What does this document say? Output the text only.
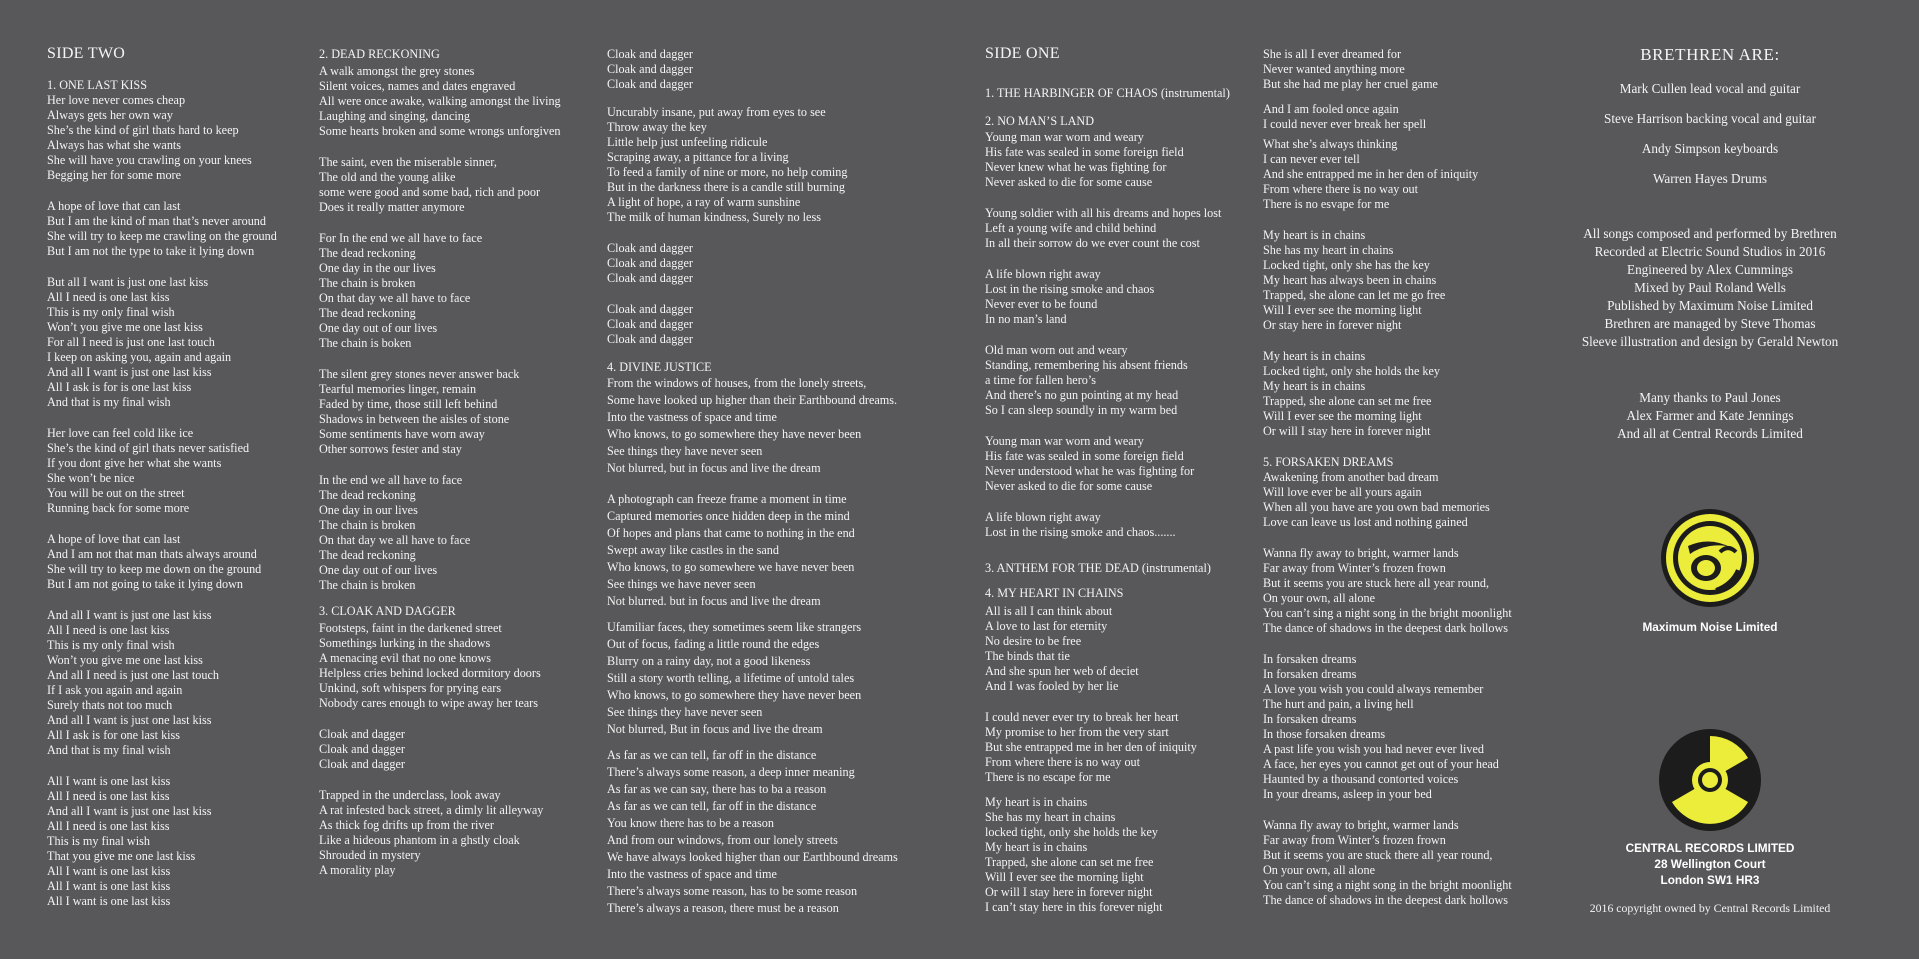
SIDE TWO
1. ONE LAST KISS
Her love never comes cheap
Always gets her own way
She’s the kind of girl thats hard to keep
Always has what she wants
She will have you crawling on your knees
Begging her for some more
A hope of love that can last
But I am the kind of man that’s never around
She will try to keep me crawling on the ground
But I am not the type to take it lying down
But all I want is just one last kiss
All I need is one last kiss
This is my only final wish
Won’t you give me one last kiss
For all I need is just one last touch
I keep on asking you, again and again
And all I want is just one last kiss
All I ask is for is one last kiss
And that is my final wish
Her love can feel cold like ice
She’s the kind of girl thats never satisfied
If you dont give her what she wants
She won’t be nice
You will be out on the street
Running back for some more
A hope of love that can last
And I am not that man thats always around
She will try to keep me down on the ground
But I am not going to take it lying down
And all I want is just one last kiss
All I need is one last kiss
This is my only final wish
Won’t you give me one last kiss
And all I need is just one last touch
If I ask you again and again
Surely thats not too much
And all I want is just one last kiss
All I ask is for one last kiss
And that is my final wish
All I want is one last kiss
All I need is one last kiss
And all I want is just one last kiss
All I need is one last kiss
This is my final wish
That you give me one last kiss
All I want is one last kiss
All I want is one last kiss
All I want is one last kiss
2. DEAD RECKONING
A walk amongst the grey stones
Silent voices, names and dates engraved
All were once awake, walking amongst the living
Laughing and singing, dancing
Some hearts broken and some wrongs unforgiven
The saint, even the miserable sinner,
The old and the young alike
some were good and some bad, rich and poor
Does it really matter anymore
For In the end we all have to face
The dead reckoning
One day in the our lives
The chain is broken
On that day we all have to face
The dead reckoning
One day out of our lives
The chain is boken
The silent grey stones never answer back
Tearful memories linger, remain
Faded by time, those still left behind
Shadows in between the aisles of stone
Some sentiments have worn away
Other sorrows fester and stay
In the end we all have to face
The dead reckoning
One day in our lives
The chain is broken
On that day we all have to face
The dead reckoning
One day out of our lives
The chain is broken
3. CLOAK AND DAGGER
Footsteps, faint in the darkened street
Somethings lurking in the shadows
A menacing evil that no one knows
Helpless cries behind locked dormitory doors
Unkind, soft whispers for prying ears
Nobody cares enough to wipe away her tears
Cloak and dagger
Cloak and dagger
Cloak and dagger
Trapped in the underclass, look away
A rat infested back street, a dimly lit alleyway
As thick fog drifts up from the river
Like a hideous phantom in a ghstly cloak
Shrouded in mystery
A morality play
Cloak and dagger
Cloak and dagger
Cloak and dagger
Uncurably insane, put away from eyes to see
Throw away the key
Little help just unfeeling ridicule
Scraping away, a pittance for a living
To feed a family of nine or more, no help coming
But in the darkness there is a candle still burning
A light of hope, a ray of warm sunshine
The milk of human kindness, Surely no less
Cloak and dagger
Cloak and dagger
Cloak and dagger
Cloak and dagger
Cloak and dagger
Cloak and dagger
4. DIVINE JUSTICE
From the windows of houses, from the lonely streets,
Some have looked up higher than their Earthbound dreams.
Into the vastness of space and time
Who knows, to go somewhere they have never been
See things they have never seen
Not blurred, but in focus and live the dream
A photograph can freeze frame a moment in time
Captured memories once hidden deep in the mind
Of hopes and plans that came to nothing in the end
Swept away like castles in the sand
Who knows, to go somewhere we have never been
See things we have never seen
Not blurred. but in focus and live the dream
Ufamiliar faces, they sometimes seem like strangers
Out of focus, fading a little round the edges
Blurry on a rainy day, not a good likeness
Still a story worth telling, a lifetime of untold tales
Who knows, to go somewhere they have never been
See things they have never seen
Not blurred, But in focus and live the dream
As far as we can tell, far off in the distance
There’s always some reason, a deep inner meaning
As far as we can say, there has to ba a reason
As far as we can tell, far off in the distance
You know there has to be a reason
And from our windows, from our lonely streets
We have always looked higher than our Earthbound dreams
Into the vastness of space and time
There’s always some reason, has to be some reason
There’s always a reason, there must be a reason
SIDE ONE
1. THE HARBINGER OF CHAOS (instrumental)
2. NO MAN’S LAND
Young man war worn and weary
His fate was sealed in some foreign field
Never knew what he was fighting for
Never asked to die for some cause
Young soldier with all his dreams and hopes lost
Left a young wife and child behind
In all their sorrow do we ever count the cost
A life blown right away
Lost in the rising smoke and chaos
Never ever to be found
In no man’s land
Old man worn out and weary
Standing, remembering his absent friends
a time for fallen hero’s
And there’s no gun pointing at my head
So I can sleep soundly in my warm bed
Young man war worn and weary
His fate was sealed in some foreign field
Never understood what he was fighting for
Never asked to die for some cause
A life blown right away
Lost in the rising smoke and chaos.......
3. ANTHEM FOR THE DEAD (instrumental)
4. MY HEART IN CHAINS
All is all I can think about
A love to last for eternity
No desire to be free
The binds that tie
And she spun her web of deciet
And I was fooled by her lie
I could never ever try to break her heart
My promise to her from the very start
But she entrapped me in her den of iniquity
From where there is no way out
There is no escape for me
My heart is in chains
She has my heart in chains
locked tight, only she holds the key
My heart is in chains
Trapped, she alone can set me free
Will I ever see the morning light
Or will I stay here in forever night
I can’t stay here in this forever night
She is all I ever dreamed for
Never wanted anything more
But she had me play her cruel game
And I am fooled once again
I could never ever break her spell
What she’s always thinking
I can never ever tell
And she entrapped me in her den of iniquity
From where there is no way out
There is no esvape for me
My heart is in chains
She has my heart in chains
Locked tight, only she has the key
My heart has always been in chains
Trapped, she alone can let me go free
Will I ever see the morning light
Or stay here in forever night
My heart is in chains
Locked tight, only she holds the key
My heart is in chains
Trapped, she alone can set me free
Will I ever see the morning light
Or will I stay here in forever night
5. FORSAKEN DREAMS
Awakening from another bad dream
Will love ever be all yours again
When all you have are you own bad memories
Love can leave us lost and nothing gained
Wanna fly away to bright, warmer lands
Far away from Winter’s frozen frown
But it seems you are stuck here all year round,
On your own, all alone
You can’t sing a night song in the bright moonlight
The dance of shadows in the deepest dark hollows
In forsaken dreams
In forsaken dreams
A love you wish you could always remember
The hurt and pain, a living hell
In forsaken dreams
In those forsaken dreams
A past life you wish you had never ever lived
A face, her eyes you cannot get out of your head
Haunted by a thousand contorted voices
In your dreams, asleep in your bed
Wanna fly away to bright, warmer lands
Far away from Winter’s frozen frown
But it seems you are stuck there all year round,
On your own, all alone
You can’t sing a night song in the bright moonlight
The dance of shadows in the deepest dark hollows
BRETHREN ARE:
Mark Cullen lead vocal and guitar
Steve Harrison backing vocal and guitar
Andy Simpson keyboards
Warren Hayes Drums
All songs composed and performed by Brethren
Recorded at Electric Sound Studios in 2016
Engineered by Alex Cummings
Mixed by Paul Roland Wells
Published by Maximum Noise Limited
Brethren are managed by Steve Thomas
Sleeve illustration and design by Gerald Newton
Many thanks to Paul Jones
Alex Farmer and Kate Jennings
And all at Central Records Limited
Maximum Noise Limited
CENTRAL RECORDS LIMITED
28 Wellington Court
London SW1 HR3
2016 copyright owned by Central Records Limited
